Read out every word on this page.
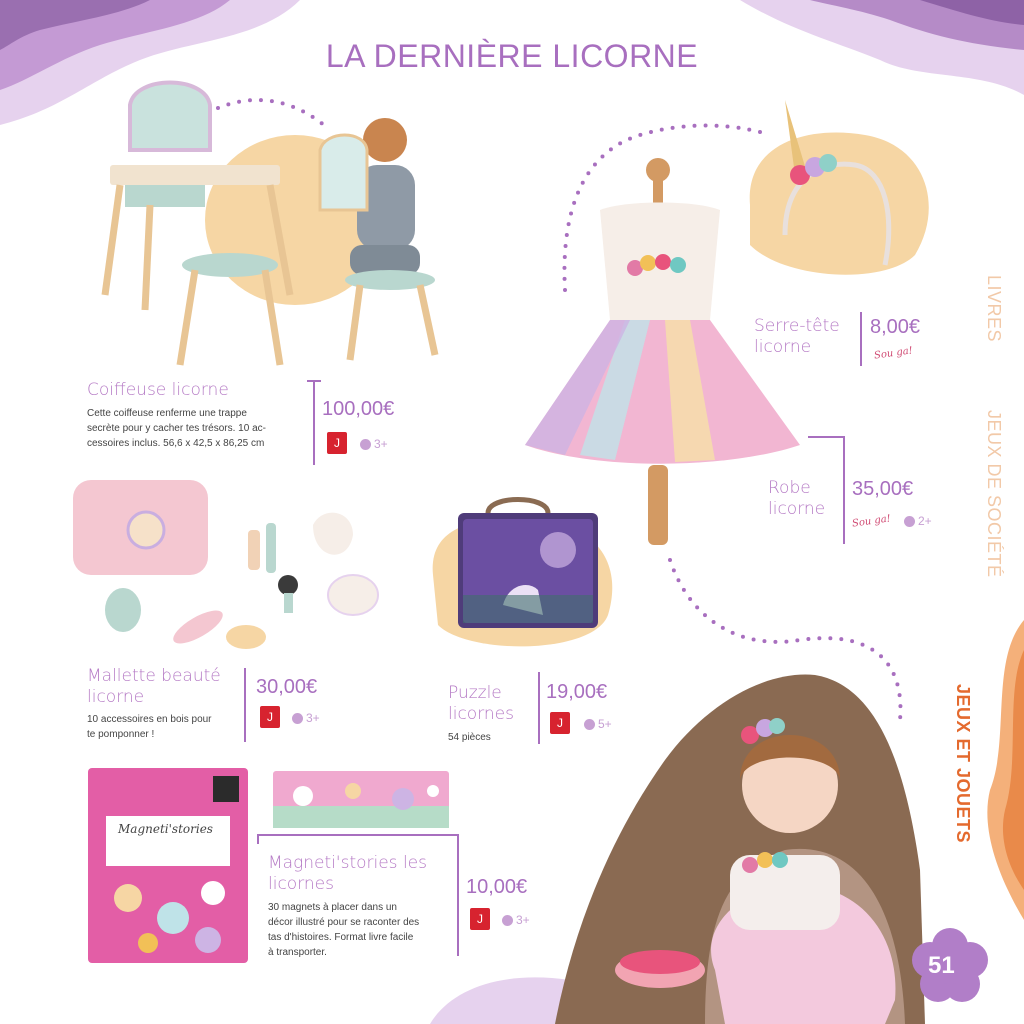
LA DERNIÈRE LICORNE
Coiffeuse licorne
Cette coiffeuse renferme une trappe
secrète pour y cacher tes trésors. 10 ac-
cessoires inclus. 56,6 x 42,5 x 86,25 cm
100,00€
J	3+
Serre-tête
licorne
8,00€
Sou ga!
Robe
licorne
35,00€
Sou ga! 2+
Mallette beauté
licorne
10 accessoires en bois pour
te pomponner !
30,00€
J	3+
Puzzle
licornes
54 pièces
19,00€
J	5+
Magneti'stories
Magneti'stories les
licornes
30 magnets à placer dans un
décor illustré pour se raconter des
tas d'histoires. Format livre facile
à transporter.
10,00€
J	3+
LIVRES
JEUX DE SOCIÉTÉ
JEUX ET JOUETS
51
